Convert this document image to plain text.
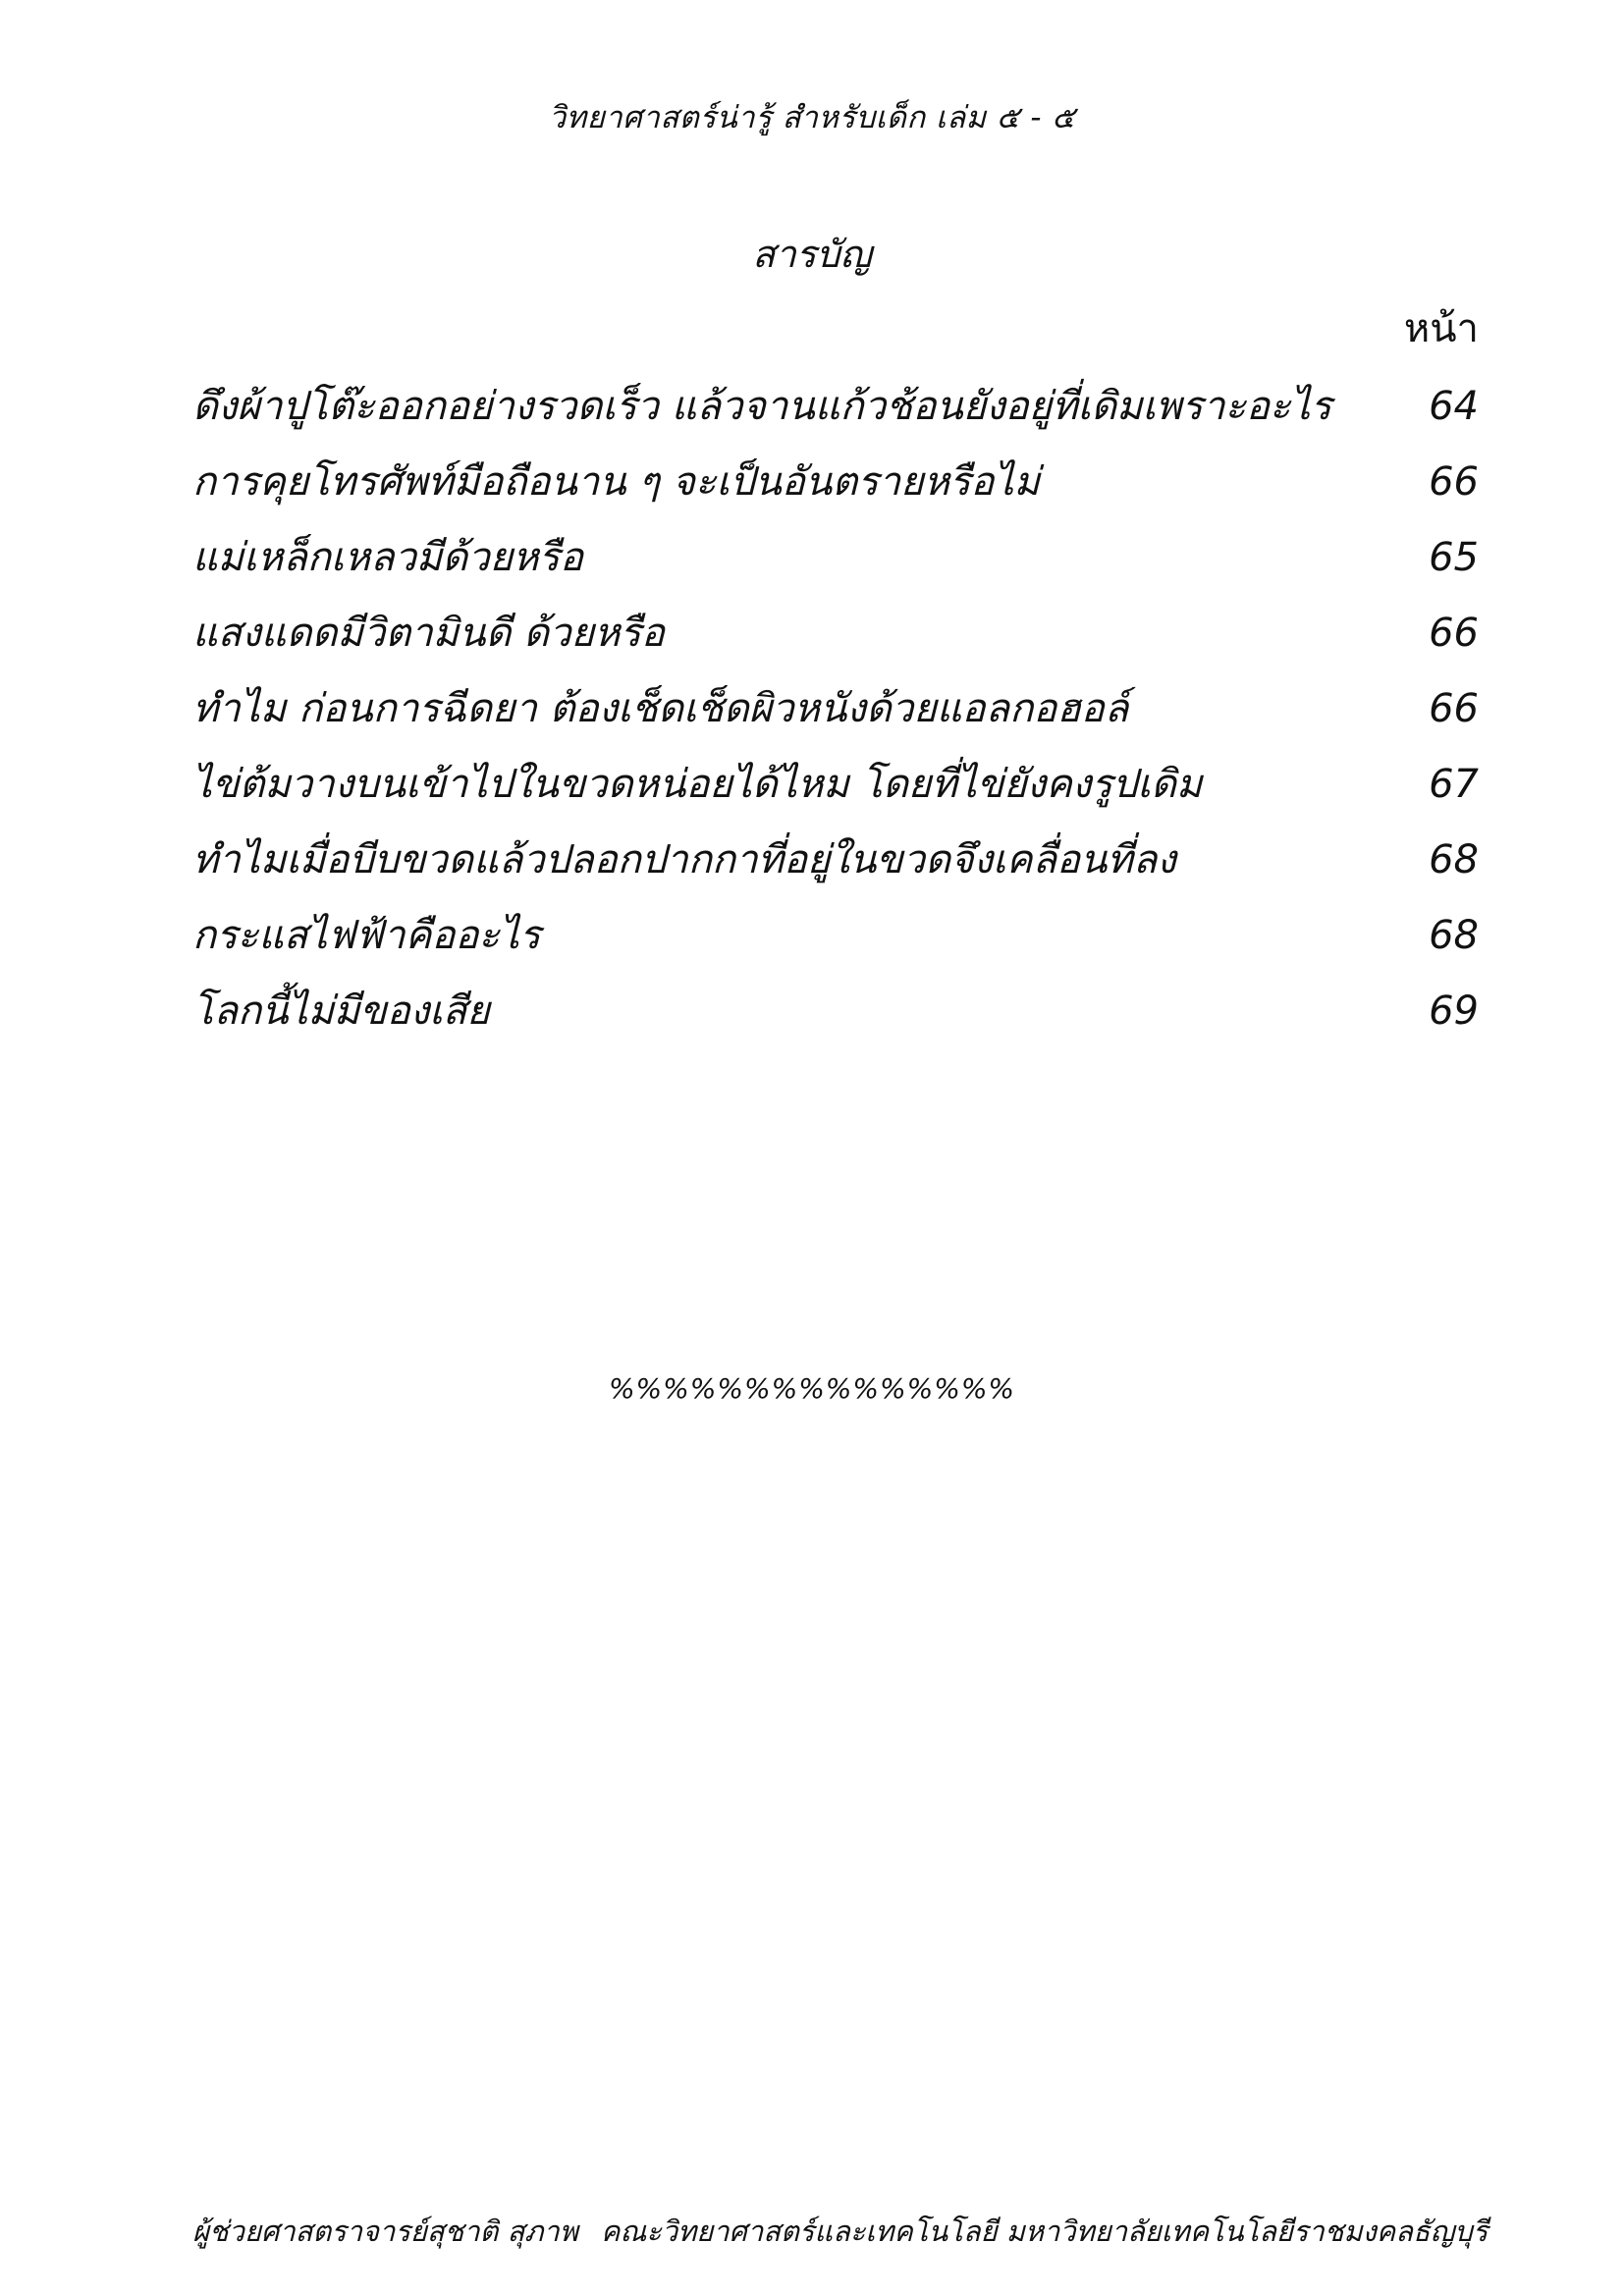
วิทยาศาสตร์น่ารู้ สำหรับเด็ก เล่ม ๕ - ๕
สารบัญ
หน้า
ดึงผ้าปูโต๊ะออกอย่างรวดเร็ว แล้วจานแก้วช้อนยังอยู่ที่เดิมเพราะอะไร 64
การคุยโทรศัพท์มือถือนาน ๆ จะเป็นอันตรายหรือไม่	66
แม่เหล็กเหลวมีด้วยหรือ	65
แสงแดดมีวิตามินดี ด้วยหรือ	66
ทำไม ก่อนการฉีดยา ต้องเช็ดเช็ดผิวหนังด้วยแอลกอฮอล์	66
ไข่ต้มวางบนเข้าไปในขวดหน่อยได้ไหม โดยที่ไข่ยังคงรูปเดิม	67
ทำไมเมื่อบีบขวดแล้วปลอกปากกาที่อยู่ในขวดจึงเคลื่อนที่ลง	68
กระแสไฟฟ้าคืออะไร	68
โลกนี้ไม่มีของเสีย	69
%%%%%%%%%%%%%%%
ผู้ช่วยศาสตราจารย์สุชาติ สุภาพ คณะวิทยาศาสตร์และเทคโนโลยี มหาวิทยาลัยเทคโนโลยีราชมงคลธัญบุรี
